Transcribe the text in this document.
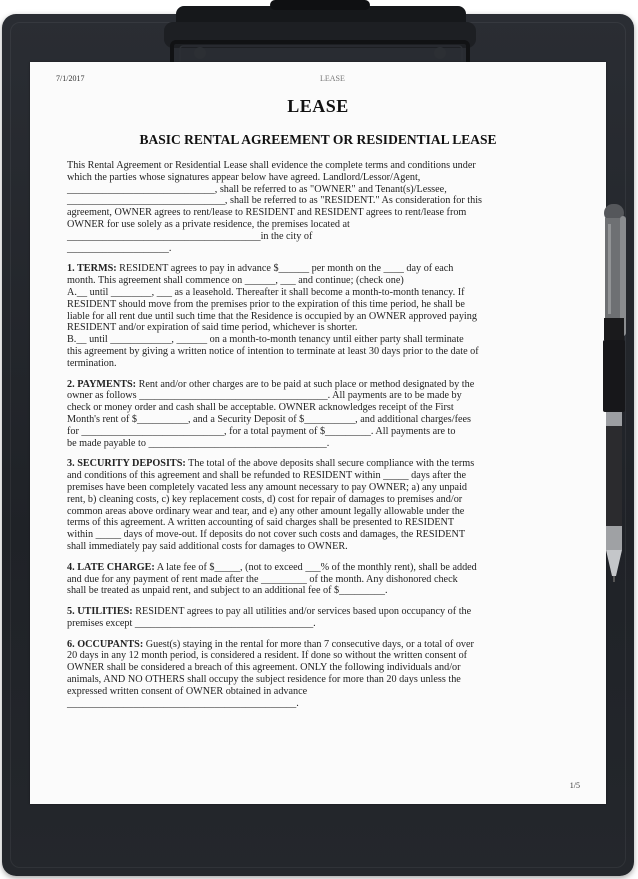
7/1/2017	LEASE
LEASE
BASIC RENTAL AGREEMENT OR RESIDENTIAL LEASE
This Rental Agreement or Residential Lease shall evidence the complete terms and conditions under
which the parties whose signatures appear below have agreed. Landlord/Lessor/Agent,
_____________________________, shall be referred to as "OWNER" and Tenant(s)/Lessee,
_______________________________, shall be referred to as "RESIDENT." As consideration for this
agreement, OWNER agrees to rent/lease to RESIDENT and RESIDENT agrees to rent/lease from
OWNER for use solely as a private residence, the premises located at
______________________________________in the city of
____________________.
1. TERMS: RESIDENT agrees to pay in advance $______ per month on the ____ day of each
month. This agreement shall commence on ______, ___ and continue; (check one)
A.__ until ________, ___ as a leasehold. Thereafter it shall become a month-to-month tenancy. If
RESIDENT should move from the premises prior to the expiration of this time period, he shall be
liable for all rent due until such time that the Residence is occupied by an OWNER approved paying
RESIDENT and/or expiration of said time period, whichever is shorter.
B.__ until ____________, ______ on a month-to-month tenancy until either party shall terminate
this agreement by giving a written notice of intention to terminate at least 30 days prior to the date of
termination.
2. PAYMENTS: Rent and/or other charges are to be paid at such place or method designated by the
owner as follows _____________________________________. All payments are to be made by
check or money order and cash shall be acceptable. OWNER acknowledges receipt of the First
Month's rent of $__________, and a Security Deposit of $__________, and additional charges/fees
for ____________________________, for a total payment of $_________. All payments are to
be made payable to ___________________________________.
3. SECURITY DEPOSITS: The total of the above deposits shall secure compliance with the terms
and conditions of this agreement and shall be refunded to RESIDENT within _____ days after the
premises have been completely vacated less any amount necessary to pay OWNER; a) any unpaid
rent, b) cleaning costs, c) key replacement costs, d) cost for repair of damages to premises and/or
common areas above ordinary wear and tear, and e) any other amount legally allowable under the
terms of this agreement. A written accounting of said charges shall be presented to RESIDENT
within _____ days of move-out. If deposits do not cover such costs and damages, the RESIDENT
shall immediately pay said additional costs for damages to OWNER.
4. LATE CHARGE: A late fee of $_____, (not to exceed ___% of the monthly rent), shall be added
and due for any payment of rent made after the _________ of the month. Any dishonored check
shall be treated as unpaid rent, and subject to an additional fee of $_________.
5. UTILITIES: RESIDENT agrees to pay all utilities and/or services based upon occupancy of the
premises except ___________________________________.
6. OCCUPANTS: Guest(s) staying in the rental for more than 7 consecutive days, or a total of over
20 days in any 12 month period, is considered a resident. If done so without the written consent of
OWNER shall be considered a breach of this agreement. ONLY the following individuals and/or
animals, AND NO OTHERS shall occupy the subject residence for more than 20 days unless the
expressed written consent of OWNER obtained in advance
_____________________________________________.
1/5
